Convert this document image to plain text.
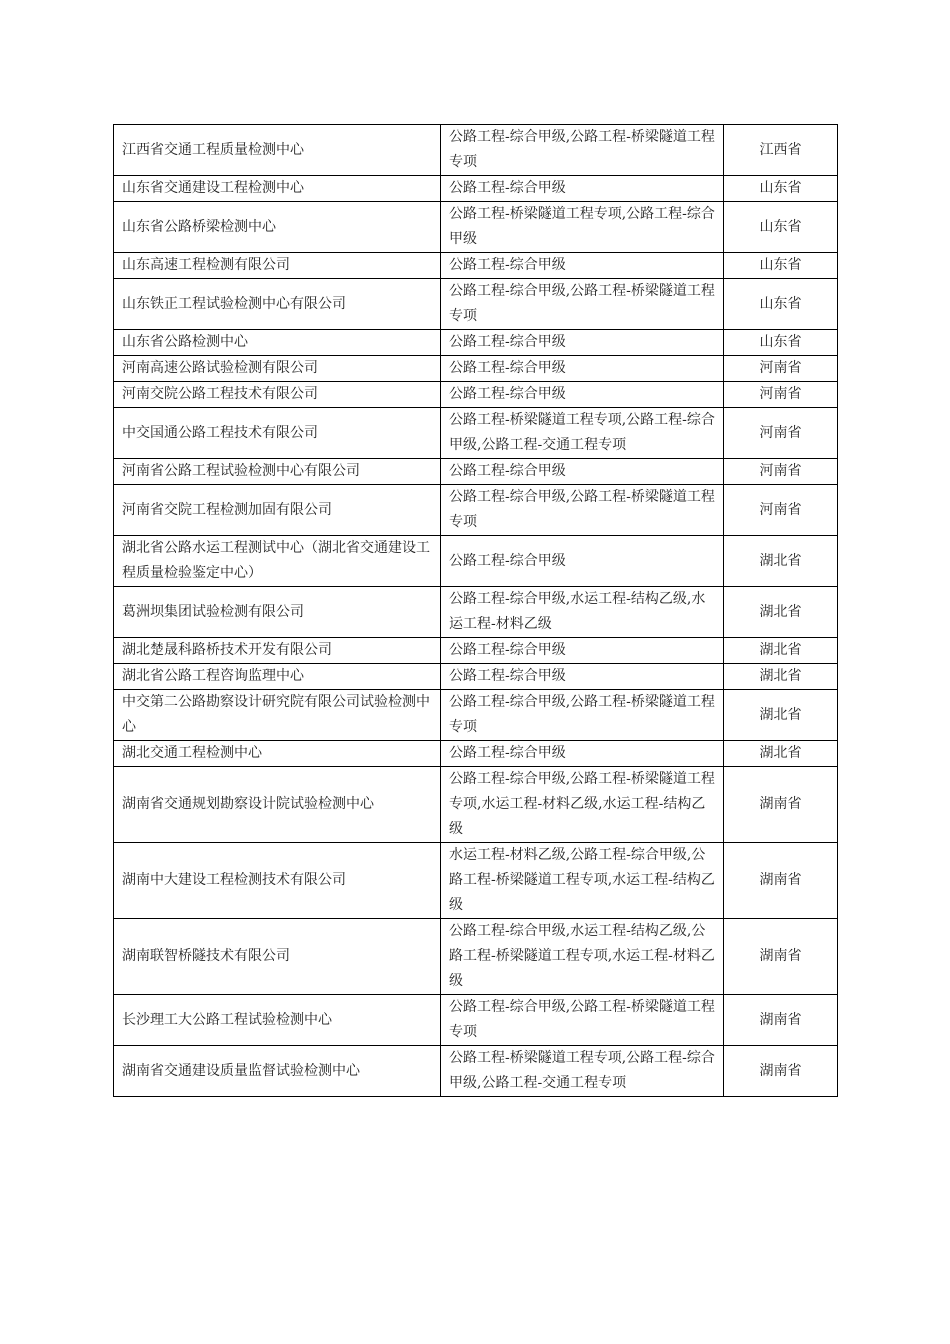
江西省交通工程质量检测中心	公路工程-综合甲级,公路工程-桥梁隧道工程专项	江西省
山东省交通建设工程检测中心	公路工程-综合甲级	山东省
山东省公路桥梁检测中心	公路工程-桥梁隧道工程专项,公路工程-综合甲级	山东省
山东高速工程检测有限公司	公路工程-综合甲级	山东省
山东铁正工程试验检测中心有限公司	公路工程-综合甲级,公路工程-桥梁隧道工程专项	山东省
山东省公路检测中心	公路工程-综合甲级	山东省
河南高速公路试验检测有限公司	公路工程-综合甲级	河南省
河南交院公路工程技术有限公司	公路工程-综合甲级	河南省
中交国通公路工程技术有限公司	公路工程-桥梁隧道工程专项,公路工程-综合甲级,公路工程-交通工程专项	河南省
河南省公路工程试验检测中心有限公司	公路工程-综合甲级	河南省
河南省交院工程检测加固有限公司	公路工程-综合甲级,公路工程-桥梁隧道工程专项	河南省
湖北省公路水运工程测试中心（湖北省交通建设工程质量检验鉴定中心）	公路工程-综合甲级	湖北省
葛洲坝集团试验检测有限公司	公路工程-综合甲级,水运工程-结构乙级,水运工程-材料乙级	湖北省
湖北楚晟科路桥技术开发有限公司	公路工程-综合甲级	湖北省
湖北省公路工程咨询监理中心	公路工程-综合甲级	湖北省
中交第二公路勘察设计研究院有限公司试验检测中心	公路工程-综合甲级,公路工程-桥梁隧道工程专项	湖北省
湖北交通工程检测中心	公路工程-综合甲级	湖北省
湖南省交通规划勘察设计院试验检测中心	公路工程-综合甲级,公路工程-桥梁隧道工程专项,水运工程-材料乙级,水运工程-结构乙级	湖南省
湖南中大建设工程检测技术有限公司	水运工程-材料乙级,公路工程-综合甲级,公路工程-桥梁隧道工程专项,水运工程-结构乙级	湖南省
湖南联智桥隧技术有限公司	公路工程-综合甲级,水运工程-结构乙级,公路工程-桥梁隧道工程专项,水运工程-材料乙级	湖南省
长沙理工大公路工程试验检测中心	公路工程-综合甲级,公路工程-桥梁隧道工程专项	湖南省
湖南省交通建设质量监督试验检测中心	公路工程-桥梁隧道工程专项,公路工程-综合甲级,公路工程-交通工程专项	湖南省
